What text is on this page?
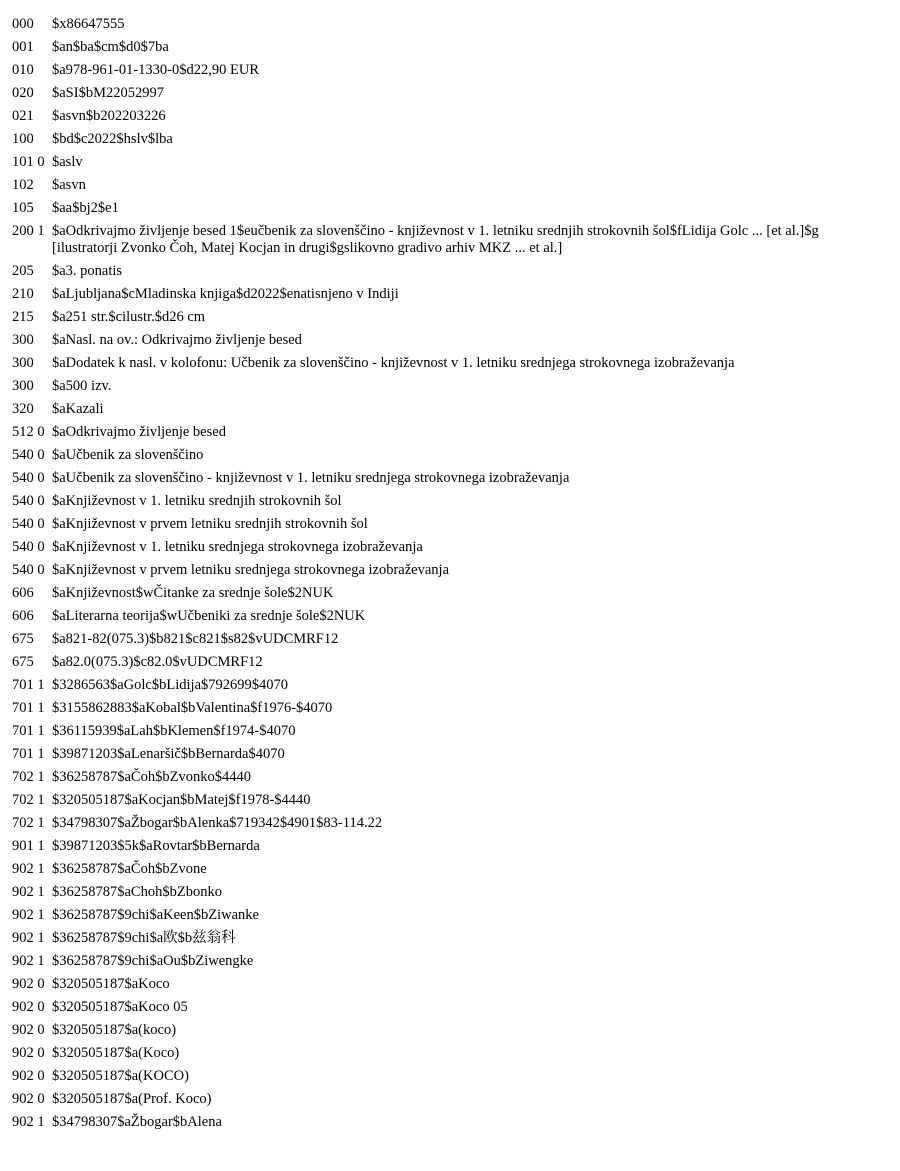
000	$x86647555
001	$an$ba$cm$d0$7ba
010	$a978-961-01-1330-0$d22,90 EUR
020	$aSI$bM22052997
021	$asvn$b202203226
100	$bd$c2022$hslv$lba
101 0	$aslv
102	$asvn
105	$aa$bj2$e1
200 1	$aOdkrivajmo življenje besed 1$eučbenik za slovenščino - književnost v 1. letniku srednjih strokovnih šol$fLidija Golc ... [et al.]$g [ilustratorji Zvonko Čoh, Matej Kocjan in drugi$gslikovno gradivo arhiv MKZ ... et al.]
205	$a3. ponatis
210	$aLjubljana$cMladinska knjiga$d2022$enatisnjeno v Indiji
215	$a251 str.$cilustr.$d26 cm
300	$aNasl. na ov.: Odkrivajmo življenje besed
300	$aDodatek k nasl. v kolofonu: Učbenik za slovenščino - književnost v 1. letniku srednjega strokovnega izobraževanja
300	$a500 izv.
320	$aKazali
512 0	$aOdkrivajmo življenje besed
540 0	$aUčbenik za slovenščino
540 0	$aUčbenik za slovenščino - književnost v 1. letniku srednjega strokovnega izobraževanja
540 0	$aKnjiževnost v 1. letniku srednjih strokovnih šol
540 0	$aKnjiževnost v prvem letniku srednjih strokovnih šol
540 0	$aKnjiževnost v 1. letniku srednjega strokovnega izobraževanja
540 0	$aKnjiževnost v prvem letniku srednjega strokovnega izobraževanja
606	$aKnjiževnost$wČitanke za srednje šole$2NUK
606	$aLiterarna teorija$wUčbeniki za srednje šole$2NUK
675	$a821-82(075.3)$b821$c821$s82$vUDCMRF12
675	$a82.0(075.3)$c82.0$vUDCMRF12
701 1	$3286563$aGolc$bLidija$792699$4070
701 1	$3155862883$aKobal$bValentina$f1976-$4070
701 1	$36115939$aLah$bKlemen$f1974-$4070
701 1	$39871203$aLenaršič$bBernarda$4070
702 1	$36258787$aČoh$bZvonko$4440
702 1	$320505187$aKocjan$bMatej$f1978-$4440
702 1	$34798307$aŽbogar$bAlenka$719342$4901$83-114.22
901 1	$39871203$5k$aRovtar$bBernarda
902 1	$36258787$aČoh$bZvone
902 1	$36258787$aChoh$bZbonko
902 1	$36258787$9chi$aKeen$bZiwanke
902 1	$36258787$9chi$a欧$b兹翁科
902 1	$36258787$9chi$aOu$bZiwengke
902 0	$320505187$aKoco
902 0	$320505187$aKoco 05
902 0	$320505187$a(koco)
902 0	$320505187$a(Koco)
902 0	$320505187$a(KOCO)
902 0	$320505187$a(Prof. Koco)
902 1	$34798307$aŽbogar$bAlena
